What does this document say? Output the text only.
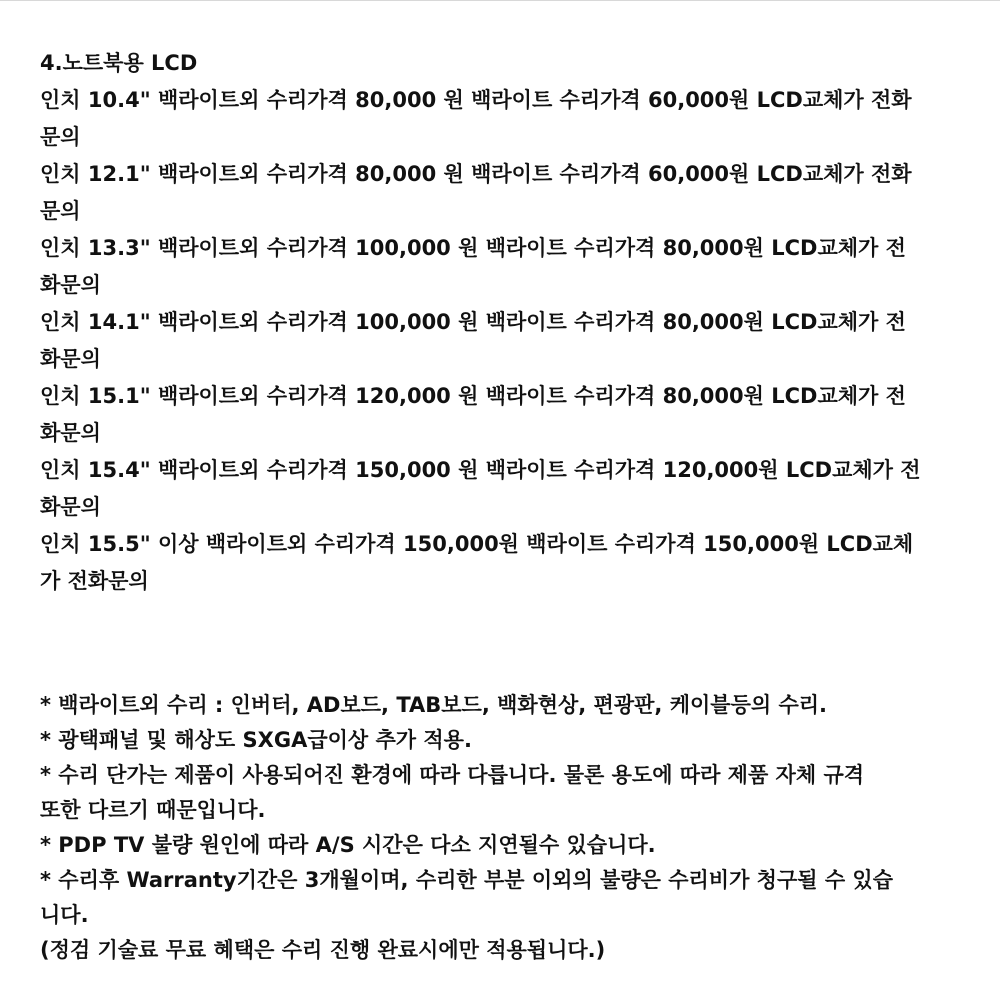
4.노트북용 LCD
인치 10.4" 백라이트외 수리가격 80,000 원 백라이트 수리가격 60,000원 LCD교체가 전화
문의
인치 12.1" 백라이트외 수리가격 80,000 원 백라이트 수리가격 60,000원 LCD교체가 전화
문의
인치 13.3" 백라이트외 수리가격 100,000 원 백라이트 수리가격 80,000원 LCD교체가 전
화문의
인치 14.1" 백라이트외 수리가격 100,000 원 백라이트 수리가격 80,000원 LCD교체가 전
화문의
인치 15.1" 백라이트외 수리가격 120,000 원 백라이트 수리가격 80,000원 LCD교체가 전
화문의
인치 15.4" 백라이트외 수리가격 150,000 원 백라이트 수리가격 120,000원 LCD교체가 전
화문의
인치 15.5" 이상 백라이트외 수리가격 150,000원 백라이트 수리가격 150,000원 LCD교체
가 전화문의
* 백라이트외 수리 : 인버터, AD보드, TAB보드, 백화현상, 편광판, 케이블등의 수리.
* 광택패널 및 해상도 SXGA급이상 추가 적용.
* 수리 단가는 제품이 사용되어진 환경에 따라 다릅니다. 물론 용도에 따라 제품 자체 규격
또한 다르기 때문입니다.
* PDP TV 불량 원인에 따라 A/S 시간은 다소 지연될수 있습니다.
* 수리후 Warranty기간은 3개월이며, 수리한 부분 이외의 불량은 수리비가 청구될 수 있습
니다.
(정검 기술료 무료 혜택은 수리 진행 완료시에만 적용됩니다.)
